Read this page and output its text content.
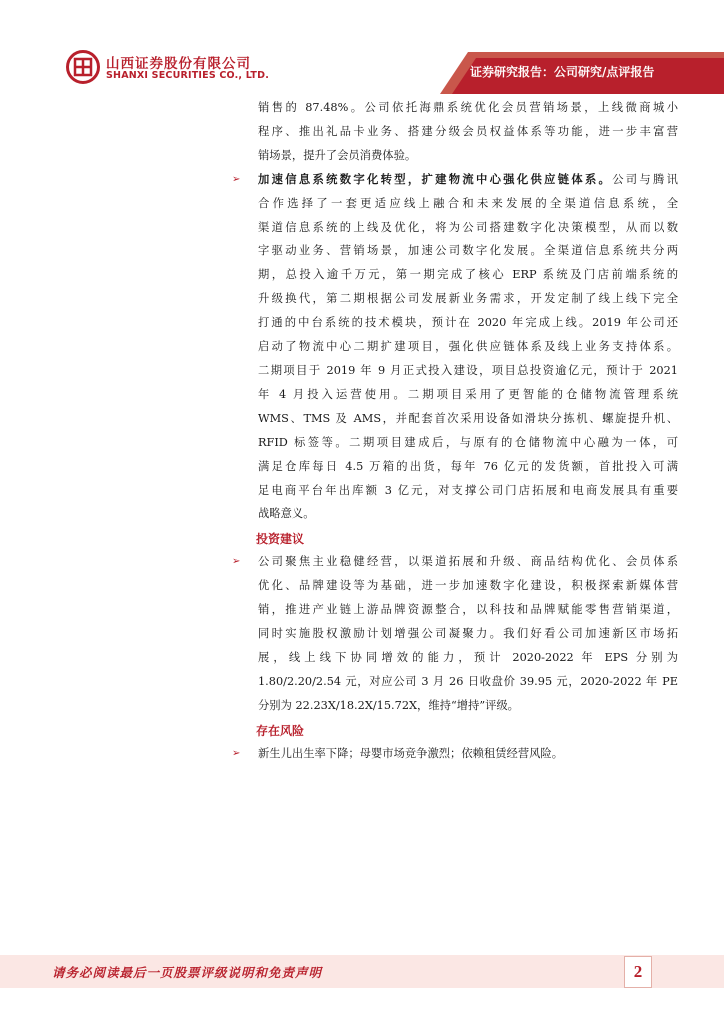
山西证券股份有限公司
SHANXI SECURITIES CO., LTD.	证券研究报告：公司研究/点评报告

销售的 87.48%。公司依托海鼎系统优化会员营销场景，上线微商城小
程序、推出礼品卡业务、搭建分级会员权益体系等功能，进一步丰富营
销场景，提升了会员消费体验。

➢ 加速信息系统数字化转型，扩建物流中心强化供应链体系。公司与腾讯
合作选择了一套更适应线上融合和未来发展的全渠道信息系统，全
渠道信息系统的上线及优化，将为公司搭建数字化决策模型，从而以数
字驱动业务、营销场景，加速公司数字化发展。全渠道信息系统共分两
期，总投入逾千万元，第一期完成了核心 ERP 系统及门店前端系统的
升级换代，第二期根据公司发展新业务需求，开发定制了线上线下完全
打通的中台系统的技术模块，预计在 2020 年完成上线。2019 年公司还
启动了物流中心二期扩建项目，强化供应链体系及线上业务支持体系。
二期项目于 2019 年 9 月正式投入建设，项目总投资逾亿元，预计于 2021
年 4 月投入运营使用。二期项目采用了更智能的仓储物流管理系统
WMS、TMS 及 AMS，并配套首次采用设备如滑块分拣机、螺旋提升机、
RFID 标签等。二期项目建成后，与原有的仓储物流中心融为一体，可
满足仓库每日 4.5 万箱的出货，每年 76 亿元的发货额，首批投入可满
足电商平台年出库额 3 亿元，对支撑公司门店拓展和电商发展具有重要
战略意义。

投资建议

➢ 公司聚焦主业稳健经营，以渠道拓展和升级、商品结构优化、会员体系
优化、品牌建设等为基础，进一步加速数字化建设，积极探索新媒体营
销，推进产业链上游品牌资源整合，以科技和品牌赋能零售营销渠道，
同时实施股权激励计划增强公司凝聚力。我们好看公司加速新区市场拓
展，线上线下协同增效的能力，预计 2020-2022 年 EPS 分别为
1.80/2.20/2.54 元，对应公司 3 月 26 日收盘价 39.95 元，2020-2022 年 PE
分别为 22.23X/18.2X/15.72X，维持“增持”评级。

存在风险

➢ 新生儿出生率下降；母婴市场竞争激烈；依赖租赁经营风险。

请务必阅读最后一页股票评级说明和免责声明	2
